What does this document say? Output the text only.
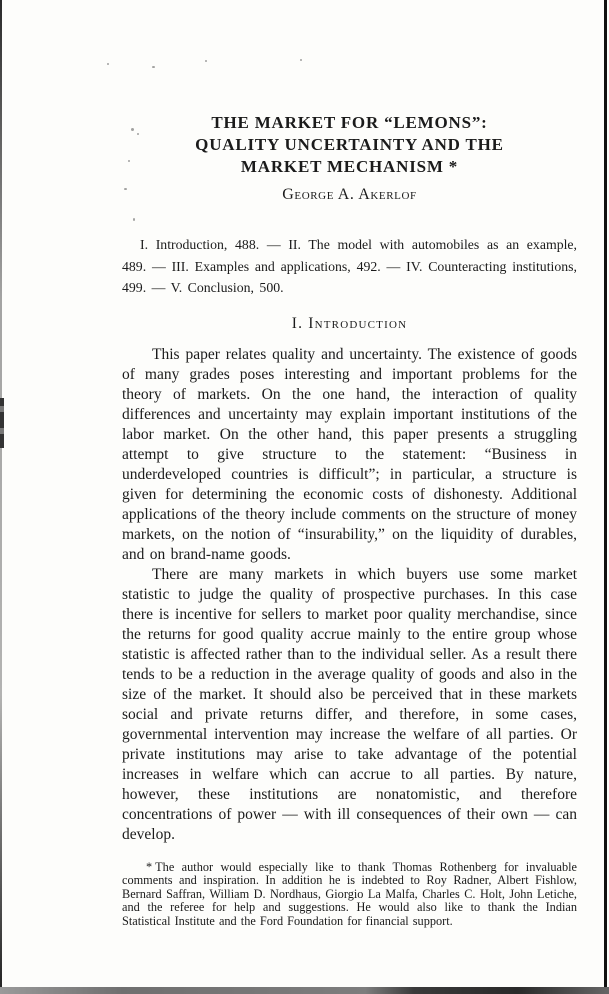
THE MARKET FOR “LEMONS”:
QUALITY UNCERTAINTY AND THE
MARKET MECHANISM *
George A. Akerlof

I. Introduction, 488. — II. The model with automobiles as an example, 489. — III. Examples and applications, 492. — IV. Counteracting institutions, 499. — V. Conclusion, 500.

I. Introduction

This paper relates quality and uncertainty. The existence of goods of many grades poses interesting and important problems for the theory of markets. On the one hand, the interaction of quality differences and uncertainty may explain important institutions of the labor market. On the other hand, this paper presents a struggling attempt to give structure to the statement: “Business in underdeveloped countries is difficult”; in particular, a structure is given for determining the economic costs of dishonesty. Additional applications of the theory include comments on the structure of money markets, on the notion of “insurability,” on the liquidity of durables, and on brand-name goods.

There are many markets in which buyers use some market statistic to judge the quality of prospective purchases. In this case there is incentive for sellers to market poor quality merchandise, since the returns for good quality accrue mainly to the entire group whose statistic is affected rather than to the individual seller. As a result there tends to be a reduction in the average quality of goods and also in the size of the market. It should also be perceived that in these markets social and private returns differ, and therefore, in some cases, governmental intervention may increase the welfare of all parties. Or private institutions may arise to take advantage of the potential increases in welfare which can accrue to all parties. By nature, however, these institutions are nonatomistic, and therefore concentrations of power — with ill consequences of their own — can develop.

* The author would especially like to thank Thomas Rothenberg for invaluable comments and inspiration. In addition he is indebted to Roy Radner, Albert Fishlow, Bernard Saffran, William D. Nordhaus, Giorgio La Malfa, Charles C. Holt, John Letiche, and the referee for help and suggestions. He would also like to thank the Indian Statistical Institute and the Ford Foundation for financial support.
